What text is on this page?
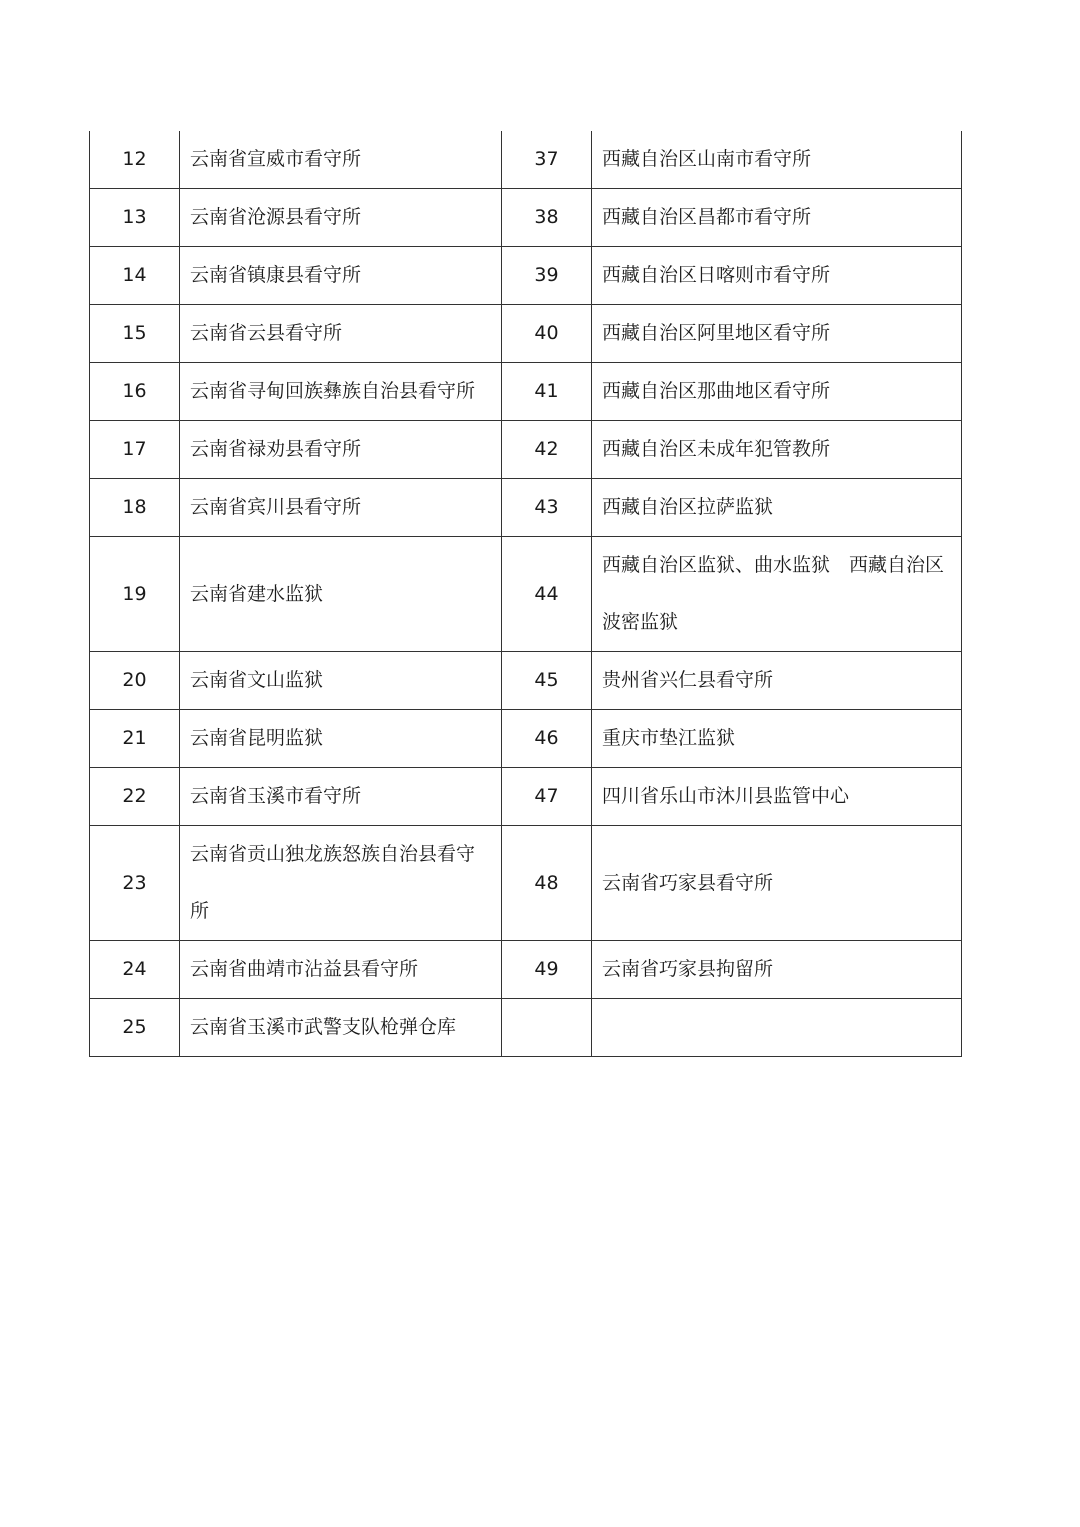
12	云南省宣威市看守所	37	西藏自治区山南市看守所
13	云南省沧源县看守所	38	西藏自治区昌都市看守所
14	云南省镇康县看守所	39	西藏自治区日喀则市看守所
15	云南省云县看守所	40	西藏自治区阿里地区看守所
16	云南省寻甸回族彝族自治县看守所	41	西藏自治区那曲地区看守所
17	云南省禄劝县看守所	42	西藏自治区未成年犯管教所
18	云南省宾川县看守所	43	西藏自治区拉萨监狱
19	云南省建水监狱	44	西藏自治区监狱、曲水监狱　西藏自治区波密监狱
20	云南省文山监狱	45	贵州省兴仁县看守所
21	云南省昆明监狱	46	重庆市垫江监狱
22	云南省玉溪市看守所	47	四川省乐山市沐川县监管中心
23	云南省贡山独龙族怒族自治县看守所	48	云南省巧家县看守所
24	云南省曲靖市沾益县看守所	49	云南省巧家县拘留所
25	云南省玉溪市武警支队枪弹仓库		
